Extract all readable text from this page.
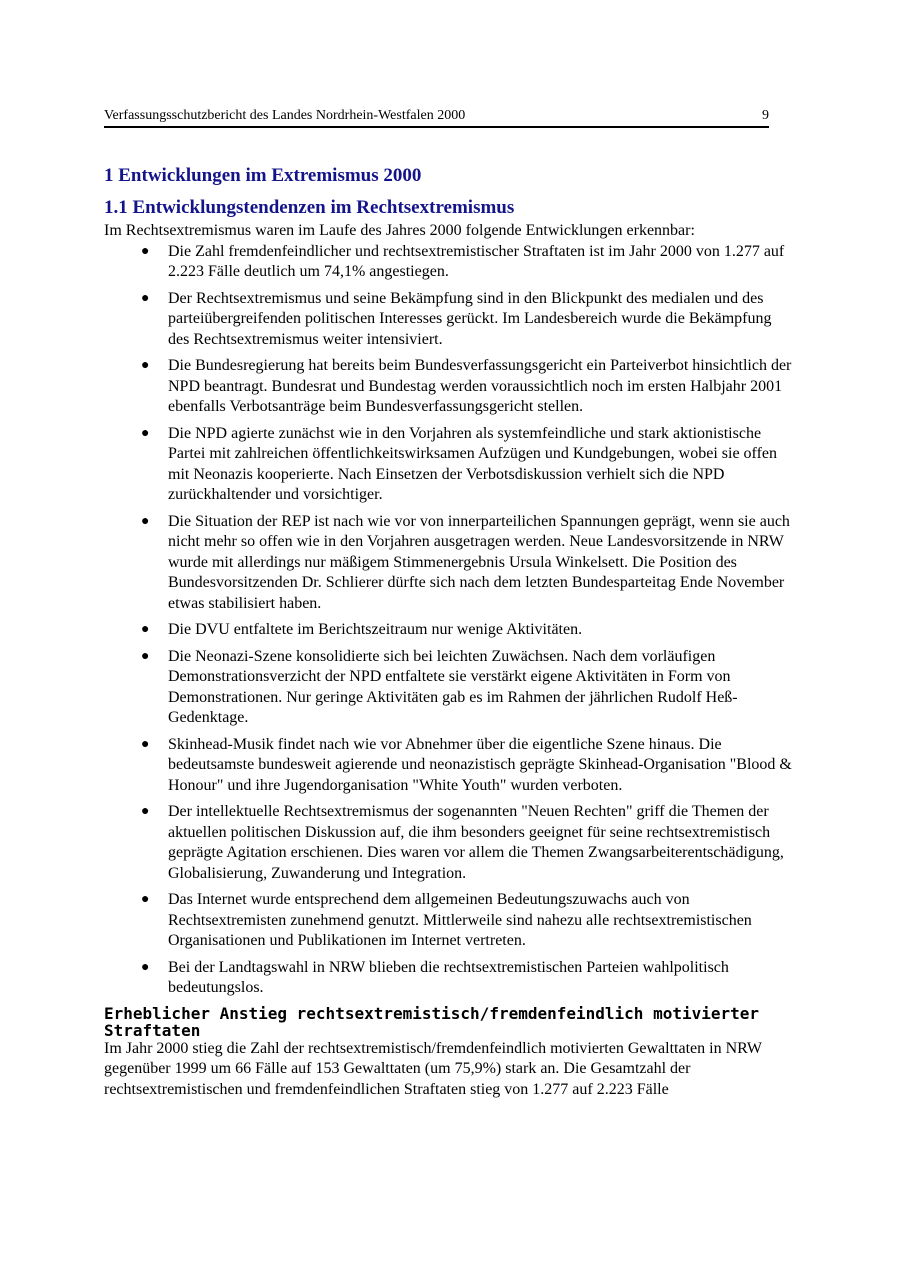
Verfassungsschutzbericht des Landes Nordrhein-Westfalen 2000	9
1 Entwicklungen im Extremismus 2000
1.1 Entwicklungstendenzen im Rechtsextremismus

Im Rechtsextremismus waren im Laufe des Jahres 2000 folgende Entwicklungen erkennbar:

● Die Zahl fremdenfeindlicher und rechtsextremistischer Straftaten ist im Jahr 2000 von 1.277 auf 2.223 Fälle deutlich um 74,1% angestiegen.
● Der Rechtsextremismus und seine Bekämpfung sind in den Blickpunkt des medialen und des parteiübergreifenden politischen Interesses gerückt. Im Landesbereich wurde die Bekämpfung des Rechtsextremismus weiter intensiviert.
● Die Bundesregierung hat bereits beim Bundesverfassungsgericht ein Parteiverbot hinsichtlich der NPD beantragt. Bundesrat und Bundestag werden voraussichtlich noch im ersten Halbjahr 2001 ebenfalls Verbotsanträge beim Bundesverfassungsgericht stellen.
● Die NPD agierte zunächst wie in den Vorjahren als systemfeindliche und stark aktionistische Partei mit zahlreichen öffentlichkeitswirksamen Aufzügen und Kundgebungen, wobei sie offen mit Neonazis kooperierte. Nach Einsetzen der Verbotsdiskussion verhielt sich die NPD zurückhaltender und vorsichtiger.
● Die Situation der REP ist nach wie vor von innerparteilichen Spannungen geprägt, wenn sie auch nicht mehr so offen wie in den Vorjahren ausgetragen werden. Neue Landesvorsitzende in NRW wurde mit allerdings nur mäßigem Stimmenergebnis Ursula Winkelsett. Die Position des Bundesvorsitzenden Dr. Schlierer dürfte sich nach dem letzten Bundesparteitag Ende November etwas stabilisiert haben.
● Die DVU entfaltete im Berichtszeitraum nur wenige Aktivitäten.
● Die Neonazi-Szene konsolidierte sich bei leichten Zuwächsen. Nach dem vorläufigen Demonstrationsverzicht der NPD entfaltete sie verstärkt eigene Aktivitäten in Form von Demonstrationen. Nur geringe Aktivitäten gab es im Rahmen der jährlichen Rudolf Heß-Gedenktage.
● Skinhead-Musik findet nach wie vor Abnehmer über die eigentliche Szene hinaus. Die bedeutsamste bundesweit agierende und neonazistisch geprägte Skinhead-Organisation "Blood & Honour" und ihre Jugendorganisation "White Youth" wurden verboten.
● Der intellektuelle Rechtsextremismus der sogenannten "Neuen Rechten" griff die Themen der aktuellen politischen Diskussion auf, die ihm besonders geeignet für seine rechtsextremistisch geprägte Agitation erschienen. Dies waren vor allem die Themen Zwangsarbeiterentschädigung, Globalisierung, Zuwanderung und Integration.
● Das Internet wurde entsprechend dem allgemeinen Bedeutungszuwachs auch von Rechtsextremisten zunehmend genutzt. Mittlerweile sind nahezu alle rechtsextremistischen Organisationen und Publikationen im Internet vertreten.
● Bei der Landtagswahl in NRW blieben die rechtsextremistischen Parteien wahlpolitisch bedeutungslos.
Erheblicher Anstieg rechtsextremistisch/fremdenfeindlich motivierter Straftaten

Im Jahr 2000 stieg die Zahl der rechtsextremistisch/fremdenfeindlich motivierten Gewalttaten in NRW gegenüber 1999 um 66 Fälle auf 153 Gewalttaten (um 75,9%) stark an. Die Gesamtzahl der rechtsextremistischen und fremdenfeindlichen Straftaten stieg von 1.277 auf 2.223 Fälle
